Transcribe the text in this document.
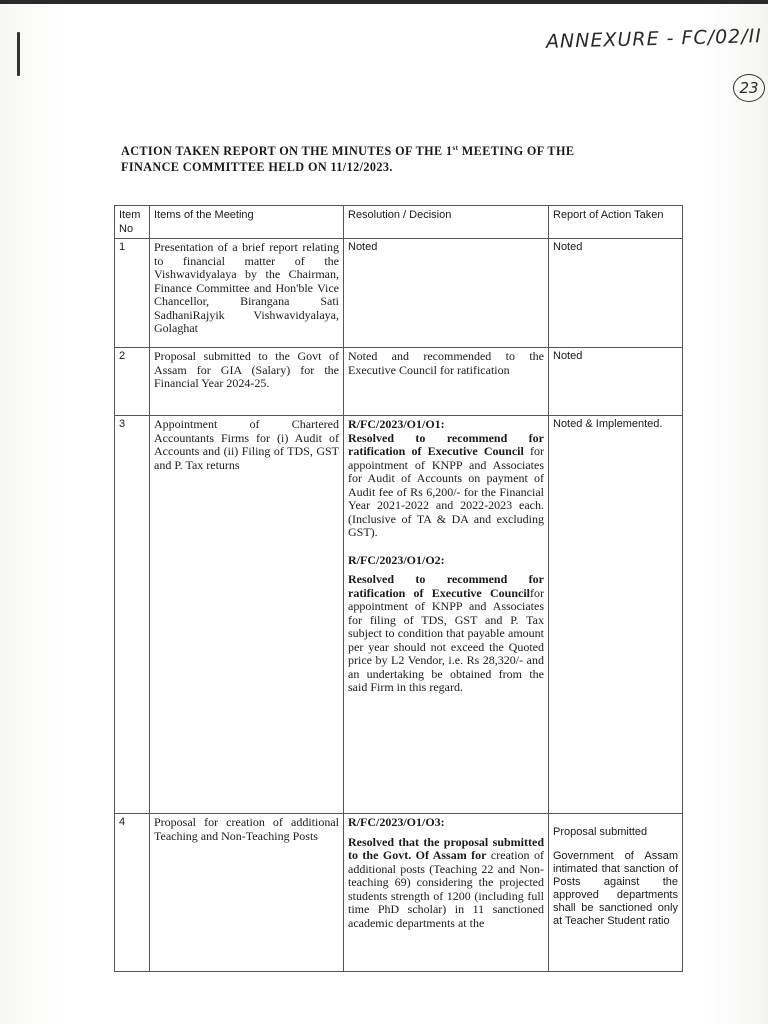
ANNEXURE - FC/02/II
23
ACTION TAKEN REPORT ON THE MINUTES OF THE 1st MEETING OF THE
FINANCE COMMITTEE HELD ON 11/12/2023.
Item No	Items of the Meeting	Resolution / Decision	Report of Action Taken
1	Presentation of a brief report relating to financial matter of the Vishwavidyalaya by the Chairman, Finance Committee and Hon'ble Vice Chancellor, Birangana Sati SadhaniRajyik Vishwavidyalaya, Golaghat	Noted	Noted
2	Proposal submitted to the Govt of Assam for GIA (Salary) for the Financial Year 2024-25.	Noted and recommended to the Executive Council for ratification	Noted
3	Appointment of Chartered Accountants Firms for (i) Audit of Accounts and (ii) Filing of TDS, GST and P. Tax returns	R/FC/2023/O1/O1:
Resolved to recommend for ratification of Executive Council for appointment of KNPP and Associates for Audit of Accounts on payment of Audit fee of Rs 6,200/- for the Financial Year 2021-2022 and 2022-2023 each. (Inclusive of TA & DA and excluding GST).
R/FC/2023/O1/O2:
Resolved to recommend for ratification of Executive Councilfor appointment of KNPP and Associates for filing of TDS, GST and P. Tax subject to condition that payable amount per year should not exceed the Quoted price by L2 Vendor, i.e. Rs 28,320/- and an undertaking be obtained from the said Firm in this regard.	Noted & Implemented.
4	Proposal for creation of additional Teaching and Non-Teaching Posts	R/FC/2023/O1/O3:
Resolved that the proposal submitted to the Govt. Of Assam for creation of additional posts (Teaching 22 and Non-teaching 69) considering the projected students strength of 1200 (including full time PhD scholar) in 11 sanctioned academic departments at the	Proposal submitted
Government of Assam intimated that sanction of Posts against the approved departments shall be sanctioned only at Teacher Student ratio
